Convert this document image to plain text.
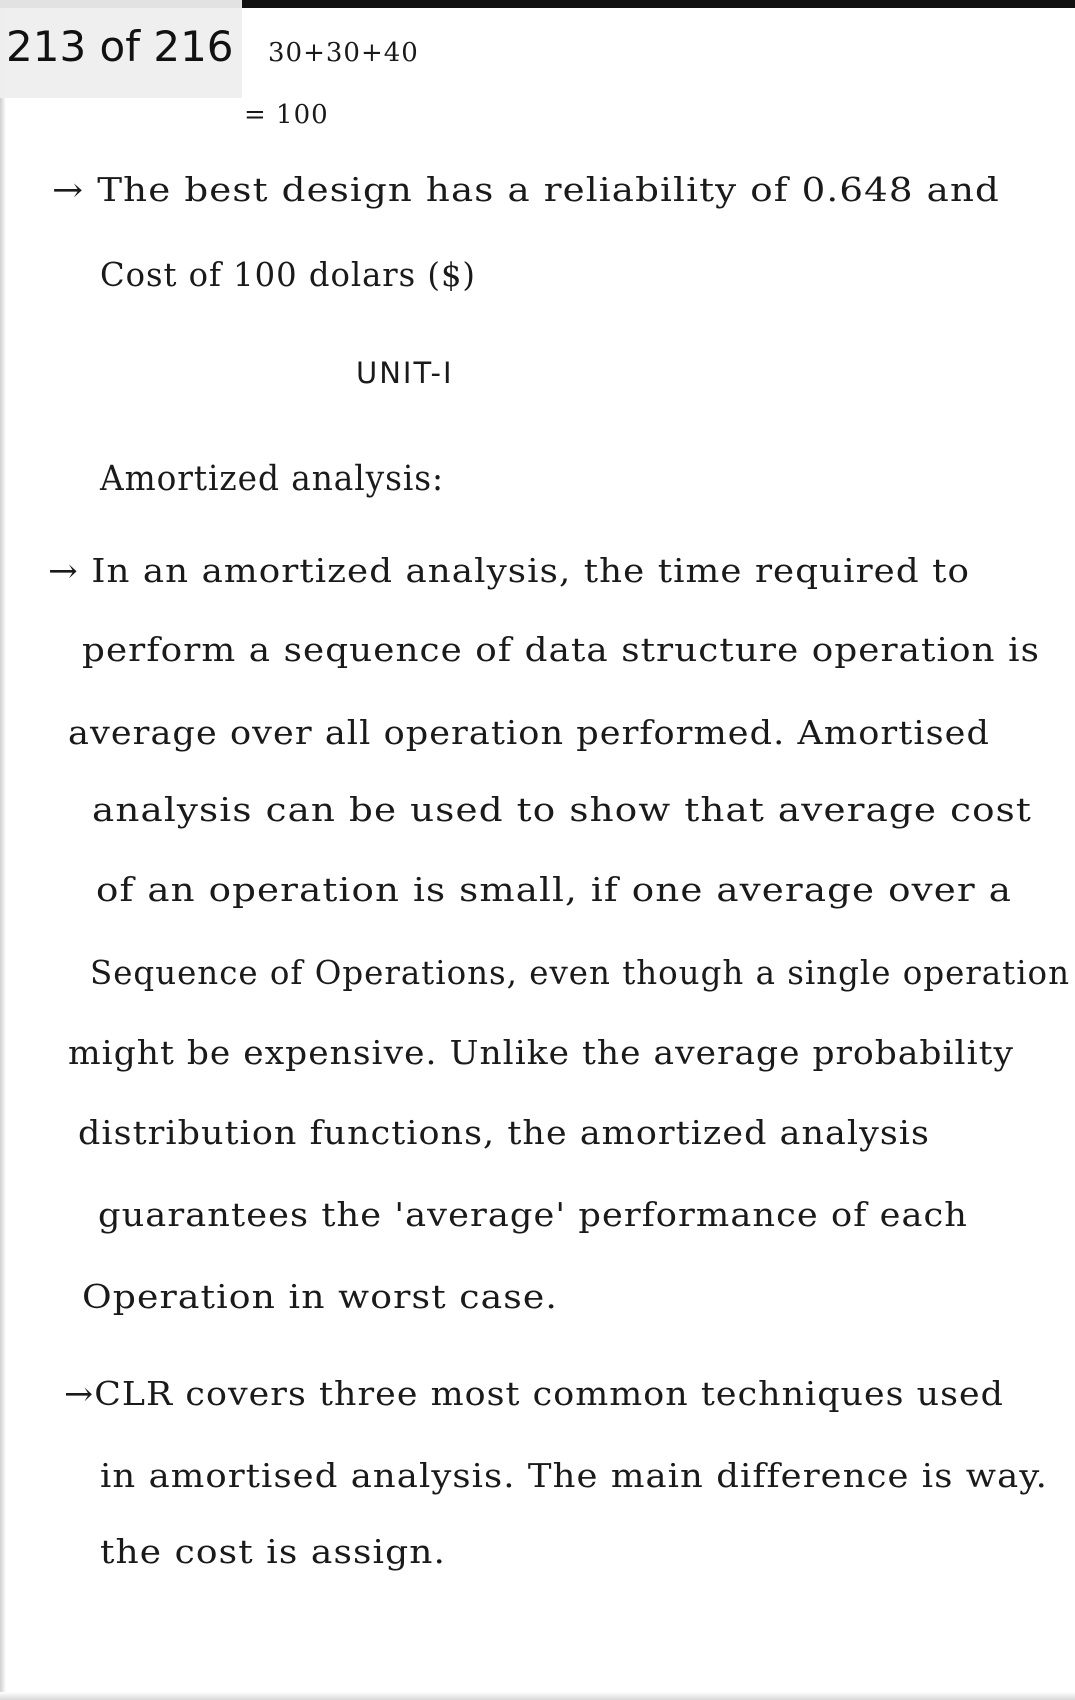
30+30+40
= 100
→ The best design has a reliability of 0.648 and
Cost of 100 dolars ($)
UNIT-I
Amortized analysis:
→ In an amortized analysis, the time required to
perform a sequence of data structure operation is
average over all operation performed. Amortised
analysis can be used to show that average cost
of an operation is small, if one average over a
Sequence of Operations, even though a single operation
might be expensive. Unlike the average probability
distribution functions, the amortized analysis
guarantees the 'average' performance of each
Operation in worst case.
→CLR covers three most common techniques used
in amortised analysis. The main difference is way.
the cost is assign.
213 of 216
